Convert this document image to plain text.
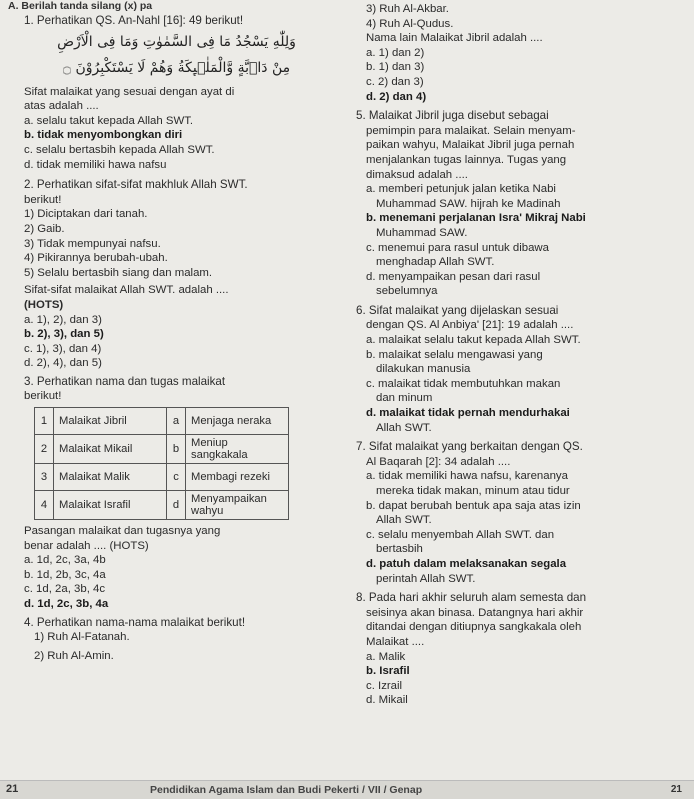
A. Berilah tanda silang (x) pa
1. Perhatikan QS. An-Nahl [16]: 49 berikut!
وَلِلّٰهِ يَسْجُدُ مَا فِى السَّمٰوٰتِ وَمَا فِى الْاَرْضِ
مِنْ دَاۤبَّةٍ وَّالْمَلٰۤىِٕكَةُ وَهُمْ لَا يَسْتَكْبِرُوْنَ ۝
Sifat malaikat yang sesuai dengan ayat di
atas adalah ....
a. selalu takut kepada Allah SWT.
b. tidak menyombongkan diri
c. selalu bertasbih kepada Allah SWT.
d. tidak memiliki hawa nafsu
2. Perhatikan sifat-sifat makhluk Allah SWT.
berikut!
1) Diciptakan dari tanah.
2) Gaib.
3) Tidak mempunyai nafsu.
4) Pikirannya berubah-ubah.
5) Selalu bertasbih siang dan malam.
Sifat-sifat malaikat Allah SWT. adalah ....
(HOTS)
a. 1), 2), dan 3)
b. 2), 3), dan 5)
c. 1), 3), dan 4)
d. 2), 4), dan 5)
3. Perhatikan nama dan tugas malaikat
berikut!
1	Malaikat Jibril	a	Menjaga neraka
2	Malaikat Mikail	b	Meniup sangkakala
3	Malaikat Malik	c	Membagi rezeki
4	Malaikat Israfil	d	Menyampaikan wahyu
Pasangan malaikat dan tugasnya yang
benar adalah .... (HOTS)
a. 1d, 2c, 3a, 4b
b. 1d, 2b, 3c, 4a
c. 1d, 2a, 3b, 4c
d. 1d, 2c, 3b, 4a
4. Perhatikan nama-nama malaikat berikut!
1) Ruh Al-Fatanah.
2) Ruh Al-Amin.
3) Ruh Al-Akbar.
4) Ruh Al-Qudus.
Nama lain Malaikat Jibril adalah ....
a. 1) dan 2)
b. 1) dan 3)
c. 2) dan 3)
d. 2) dan 4)
5. Malaikat Jibril juga disebut sebagai
pemimpin para malaikat. Selain menyam-
paikan wahyu, Malaikat Jibril juga pernah
menjalankan tugas lainnya. Tugas yang
dimaksud adalah ....
a. memberi petunjuk jalan ketika Nabi
Muhammad SAW. hijrah ke Madinah
b. menemani perjalanan Isra' Mikraj Nabi
Muhammad SAW.
c. menemui para rasul untuk dibawa
menghadap Allah SWT.
d. menyampaikan pesan dari rasul
sebelumnya
6. Sifat malaikat yang dijelaskan sesuai
dengan QS. Al Anbiya' [21]: 19 adalah ....
a. malaikat selalu takut kepada Allah SWT.
b. malaikat selalu mengawasi yang
dilakukan manusia
c. malaikat tidak membutuhkan makan
dan minum
d. malaikat tidak pernah mendurhakai
Allah SWT.
7. Sifat malaikat yang berkaitan dengan QS.
Al Baqarah [2]: 34 adalah ....
a. tidak memiliki hawa nafsu, karenanya
mereka tidak makan, minum atau tidur
b. dapat berubah bentuk apa saja atas izin
Allah SWT.
c. selalu menyembah Allah SWT. dan
bertasbih
d. patuh dalam melaksanakan segala
perintah Allah SWT.
8. Pada hari akhir seluruh alam semesta dan
seisinya akan binasa. Datangnya hari akhir
ditandai dengan ditiupnya sangkakala oleh
Malaikat ....
a. Malik
b. Israfil
c. Izrail
d. Mikail
21	Pendidikan Agama Islam dan Budi Pekerti / VII / Genap	21
